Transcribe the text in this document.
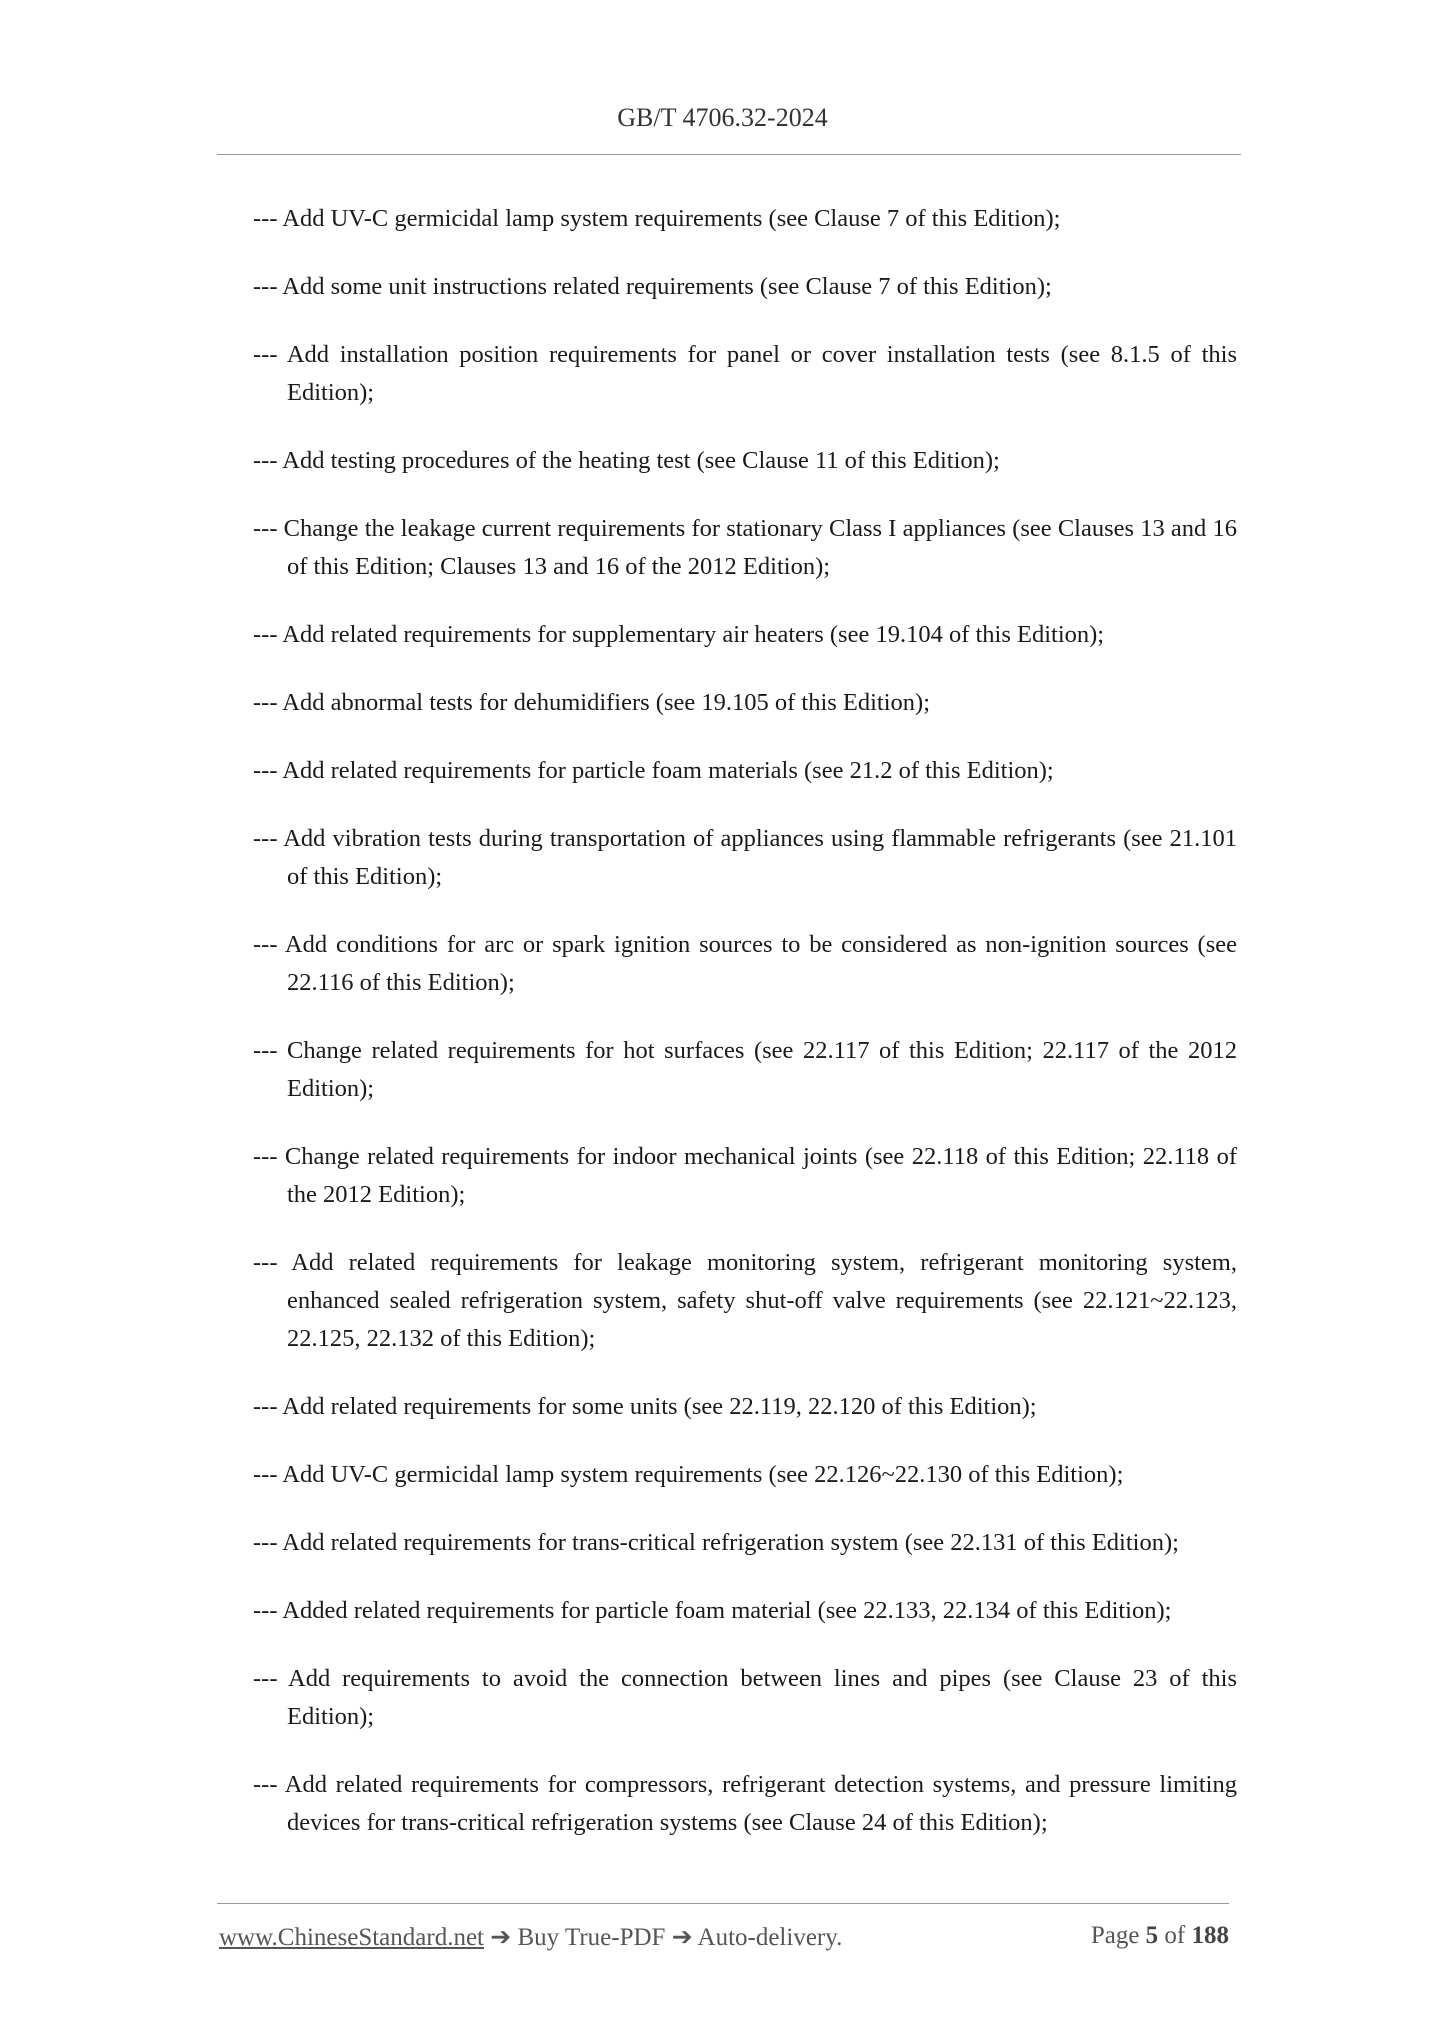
GB/T 4706.32-2024

--- Add UV-C germicidal lamp system requirements (see Clause 7 of this Edition);

--- Add some unit instructions related requirements (see Clause 7 of this Edition);

--- Add installation position requirements for panel or cover installation tests (see 8.1.5 of this Edition);

--- Add testing procedures of the heating test (see Clause 11 of this Edition);

--- Change the leakage current requirements for stationary Class I appliances (see Clauses 13 and 16 of this Edition; Clauses 13 and 16 of the 2012 Edition);

--- Add related requirements for supplementary air heaters (see 19.104 of this Edition);

--- Add abnormal tests for dehumidifiers (see 19.105 of this Edition);

--- Add related requirements for particle foam materials (see 21.2 of this Edition);

--- Add vibration tests during transportation of appliances using flammable refrigerants (see 21.101 of this Edition);

--- Add conditions for arc or spark ignition sources to be considered as non-ignition sources (see 22.116 of this Edition);

--- Change related requirements for hot surfaces (see 22.117 of this Edition; 22.117 of the 2012 Edition);

--- Change related requirements for indoor mechanical joints (see 22.118 of this Edition; 22.118 of the 2012 Edition);

--- Add related requirements for leakage monitoring system, refrigerant monitoring system, enhanced sealed refrigeration system, safety shut-off valve requirements (see 22.121~22.123, 22.125, 22.132 of this Edition);

--- Add related requirements for some units (see 22.119, 22.120 of this Edition);

--- Add UV-C germicidal lamp system requirements (see 22.126~22.130 of this Edition);

--- Add related requirements for trans-critical refrigeration system (see 22.131 of this Edition);

--- Added related requirements for particle foam material (see 22.133, 22.134 of this Edition);

--- Add requirements to avoid the connection between lines and pipes (see Clause 23 of this Edition);

--- Add related requirements for compressors, refrigerant detection systems, and pressure limiting devices for trans-critical refrigeration systems (see Clause 24 of this Edition);

www.ChineseStandard.net ➔ Buy True-PDF ➔ Auto-delivery.	Page 5 of 188
